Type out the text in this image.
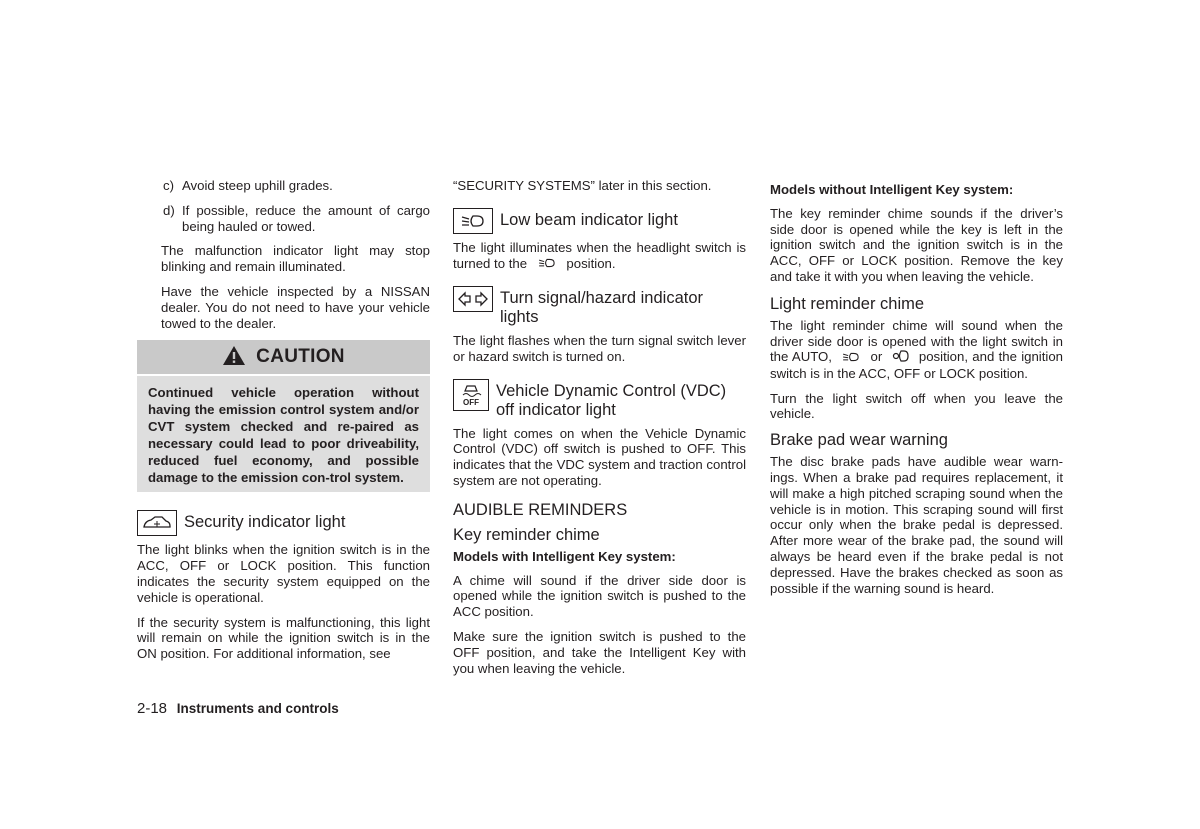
c) Avoid steep uphill grades.
d) If possible, reduce the amount of cargo being hauled or towed.

The malfunction indicator light may stop blinking and remain illuminated.

Have the vehicle inspected by a NISSAN dealer. You do not need to have your vehicle towed to the dealer.

CAUTION
Continued vehicle operation without having the emission control system and/or CVT system checked and re-paired as necessary could lead to poor driveability, reduced fuel economy, and possible damage to the emission con-trol system.
Security indicator light

The light blinks when the ignition switch is in the ACC, OFF or LOCK position. This function indicates the security system equipped on the vehicle is operational.

If the security system is malfunctioning, this light will remain on while the ignition switch is in the ON position. For additional information, see

“SECURITY SYSTEMS” later in this section.

Low beam indicator light

The light illuminates when the headlight switch is turned to the	position.

Turn signal/hazard indicator lights

The light flashes when the turn signal switch lever or hazard switch is turned on.

OFF
Vehicle Dynamic Control (VDC) off indicator light

The light comes on when the Vehicle Dynamic Control (VDC) off switch is pushed to OFF. This indicates that the VDC system and traction control system are not operating.

AUDIBLE REMINDERS
Key reminder chime
Models with Intelligent Key system:

A chime will sound if the driver side door is opened while the ignition switch is pushed to the ACC position.

Make sure the ignition switch is pushed to the OFF position, and take the Intelligent Key with you when leaving the vehicle.

Models without Intelligent Key system:

The key reminder chime sounds if the driver’s side door is opened while the key is left in the ignition switch and the ignition switch is in the ACC, OFF or LOCK position. Remove the key and take it with you when leaving the vehicle.

Light reminder chime

The light reminder chime will sound when the driver side door is opened with the light switch in the AUTO,	or	position, and the ignition switch is in the ACC, OFF or LOCK position.

Turn the light switch off when you leave the vehicle.

Brake pad wear warning

The disc brake pads have audible wear warn-ings. When a brake pad requires replacement, it will make a high pitched scraping sound when the vehicle is in motion. This scraping sound will first occur only when the brake pedal is depressed. After more wear of the brake pad, the sound will always be heard even if the brake pedal is not depressed. Have the brakes checked as soon as possible if the warning sound is heard.

2-18 Instruments and controls
